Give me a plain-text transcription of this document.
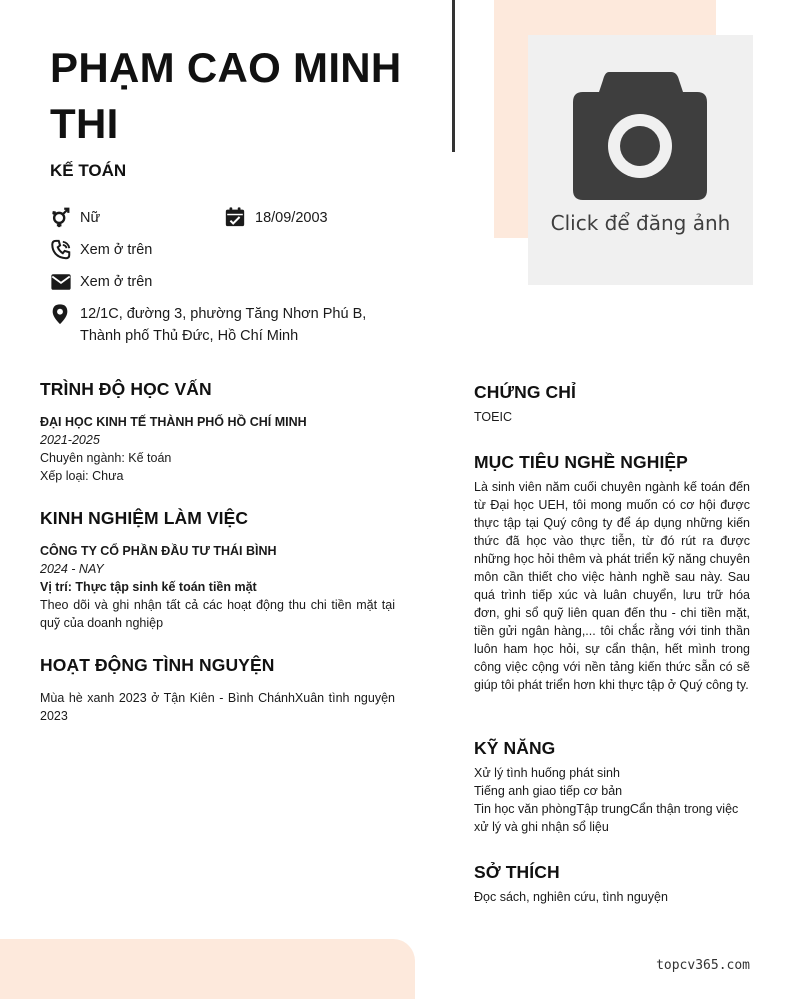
Click để đăng ảnh
PHẠM CAO MINH THI
KẾ TOÁN
Nữ	18/09/2003
Xem ở trên
Xem ở trên
12/1C, đường 3, phường Tăng Nhơn Phú B,
Thành phố Thủ Đức, Hồ Chí Minh
TRÌNH ĐỘ HỌC VẤN
ĐẠI HỌC KINH TẾ THÀNH PHỐ HỒ CHÍ MINH
2021-2025
Chuyên ngành: Kế toán
Xếp loại: Chưa
KINH NGHIỆM LÀM VIỆC
CÔNG TY CỔ PHẦN ĐẦU TƯ THÁI BÌNH
2024 - NAY
Vị trí: Thực tập sinh kế toán tiền mặt
Theo dõi và ghi nhận tất cả các hoạt động thu chi tiền mặt tại quỹ của doanh nghiệp
HOẠT ĐỘNG TÌNH NGUYỆN
Mùa hè xanh 2023 ở Tận Kiên - Bình ChánhXuân tình nguyện 2023
CHỨNG CHỈ
TOEIC
MỤC TIÊU NGHỀ NGHIỆP
Là sinh viên năm cuối chuyên ngành kế toán đến từ Đại học UEH, tôi mong muốn có cơ hội được thực tập tại Quý công ty để áp dụng những kiến thức đã học vào thực tiễn, từ đó rút ra được những học hỏi thêm và phát triển kỹ năng chuyên môn cần thiết cho việc hành nghề sau này. Sau quá trình tiếp xúc và luân chuyển, lưu trữ hóa đơn, ghi sổ quỹ liên quan đến thu - chi tiền mặt, tiền gửi ngân hàng,... tôi chắc rằng với tinh thần luôn ham học hỏi, sự cẩn thận, hết mình trong công việc cộng với nền tảng kiến thức sẵn có sẽ giúp tôi phát triển hơn khi thực tập ở Quý công ty.
KỸ NĂNG
Xử lý tình huống phát sinh
Tiếng anh giao tiếp cơ bản
Tin học văn phòngTập trungCẩn thận trong việc xử lý và ghi nhận sổ liệu
SỞ THÍCH
Đọc sách, nghiên cứu, tình nguyện
topcv365.com
